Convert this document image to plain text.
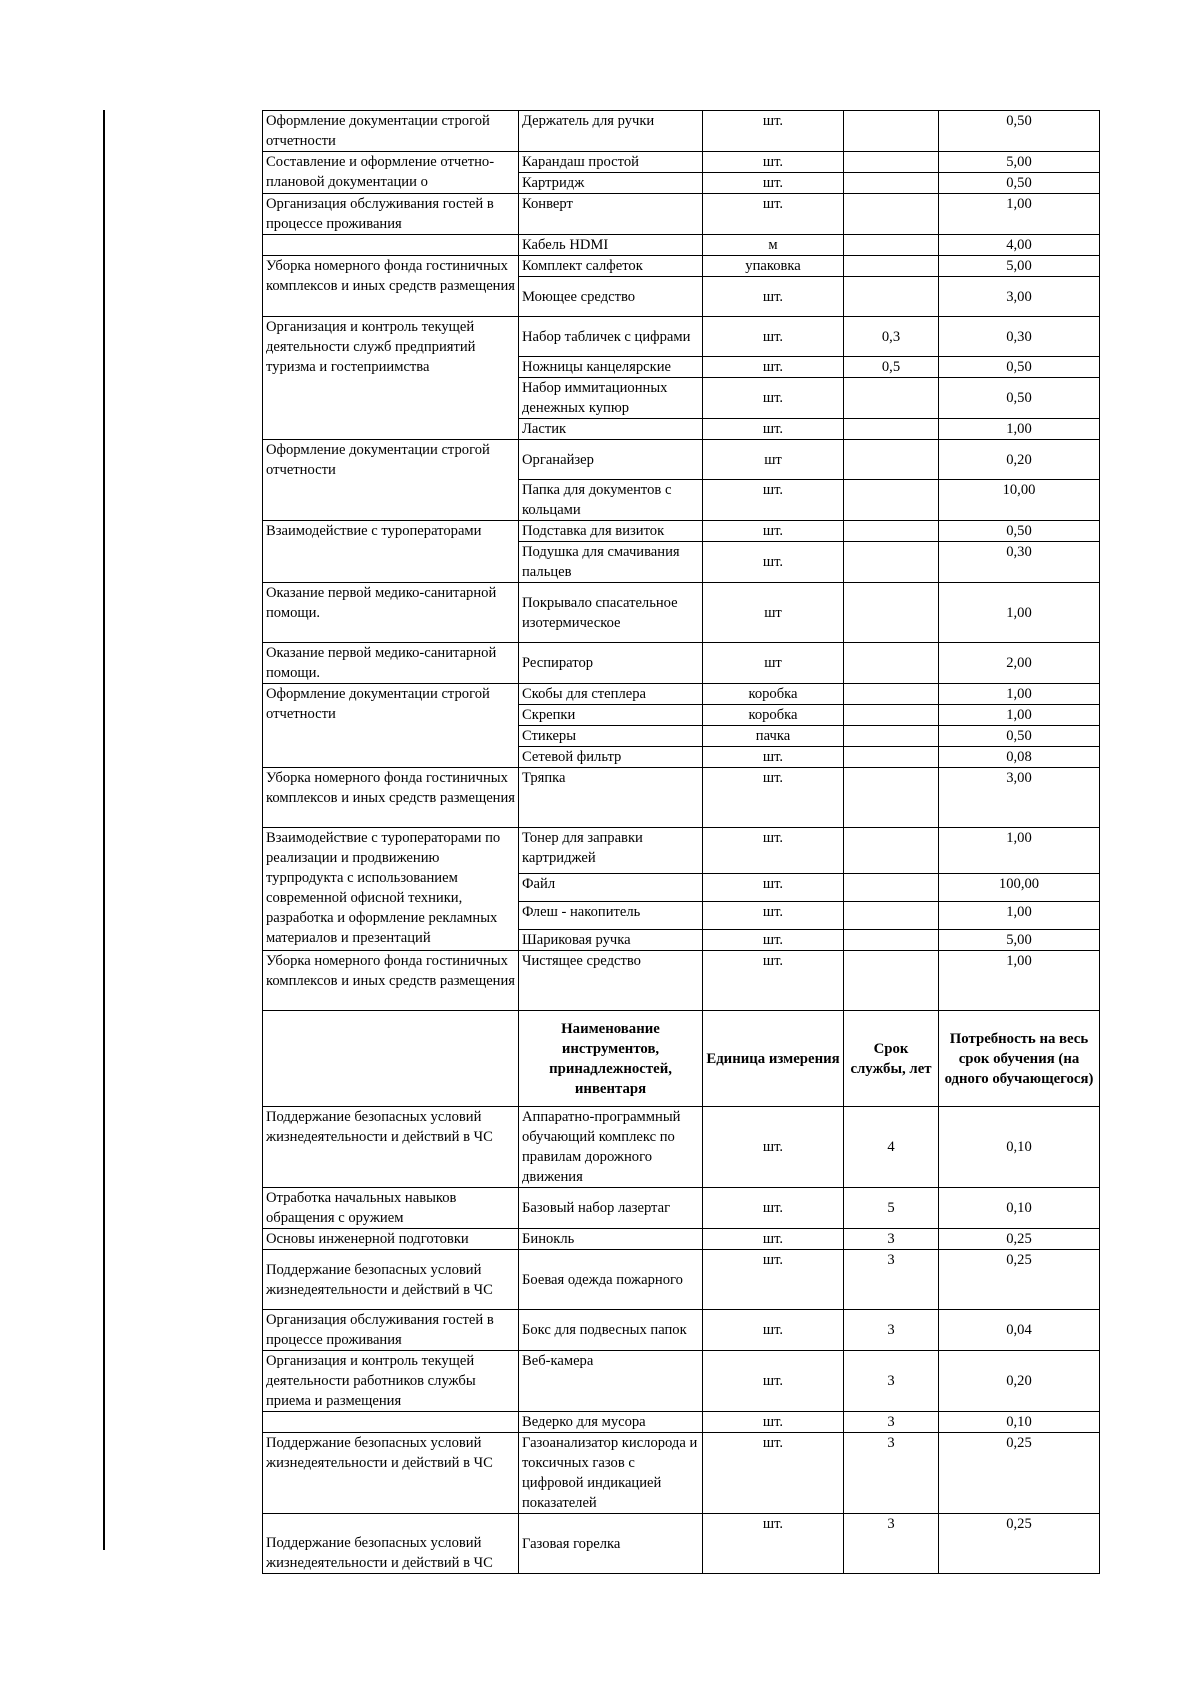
Оформление документации строгой отчетности	Держатель для ручки	шт.		0,50
Составление и оформление отчетно-плановой документации о	Карандаш простой	шт.		5,00
	Картридж	шт.		0,50
Организация обслуживания гостей в процессе проживания	Конверт	шт.		1,00
	Кабель HDMI	м		4,00
Уборка номерного фонда гостиничных комплексов и иных средств размещения	Комплект салфеток	упаковка		5,00
	Моющее средство	шт.		3,00
Организация и контроль текущей деятельности служб предприятий туризма и гостеприимства	Набор табличек с цифрами	шт.	0,3	0,30
	Ножницы канцелярские	шт.	0,5	0,50
	Набор иммитационных денежных купюр	шт.		0,50
	Ластик	шт.		1,00
Оформление документации строгой отчетности	Органайзер	шт		0,20
	Папка для документов с кольцами	шт.		10,00
Взаимодействие с туроператорами	Подставка для визиток	шт.		0,50
	Подушка для смачивания пальцев	шт.		0,30
Оказание первой медико-санитарной помощи.	Покрывало спасательное изотермическое	шт		1,00
Оказание первой медико-санитарной помощи.	Респиратор	шт		2,00
Оформление документации строгой отчетности	Скобы для степлера	коробка		1,00
	Скрепки	коробка		1,00
	Стикеры	пачка		0,50
	Сетевой фильтр	шт.		0,08
Уборка номерного фонда гостиничных комплексов и иных средств размещения	Тряпка	шт.		3,00
Взаимодействие с туроператорами по реализации и продвижению турпродукта с использованием современной офисной техники, разработка и оформление рекламных материалов и презентаций	Тонер для заправки картриджей	шт.		1,00
	Файл	шт.		100,00
	Флеш - накопитель	шт.		1,00
	Шариковая ручка	шт.		5,00
Уборка номерного фонда гостиничных комплексов и иных средств размещения	Чистящее средство	шт.		1,00
	Наименование инструментов, принадлежностей, инвентаря	Единица измерения	Срок службы, лет	Потребность на весь срок обучения (на одного обучающегося)
Поддержание безопасных условий жизнедеятельности и действий в ЧС	Аппаратно-программный обучающий комплекс по правилам дорожного движения	шт.	4	0,10
Отработка начальных навыков обращения с оружием	Базовый набор лазертаг	шт.	5	0,10
Основы инженерной подготовки	Бинокль	шт.	3	0,25
Поддержание безопасных условий жизнедеятельности и действий в ЧС	Боевая одежда пожарного	шт.	3	0,25
Организация обслуживания гостей в процессе проживания	Бокс для подвесных папок	шт.	3	0,04
Организация и контроль текущей деятельности работников службы приема и размещения	Веб-камера	шт.	3	0,20
	Ведерко для мусора	шт.	3	0,10
Поддержание безопасных условий жизнедеятельности и действий в ЧС	Газоанализатор кислорода и токсичных газов с цифровой индикацией показателей	шт.	3	0,25
Поддержание безопасных условий жизнедеятельности и действий в ЧС	Газовая горелка	шт.	3	0,25
